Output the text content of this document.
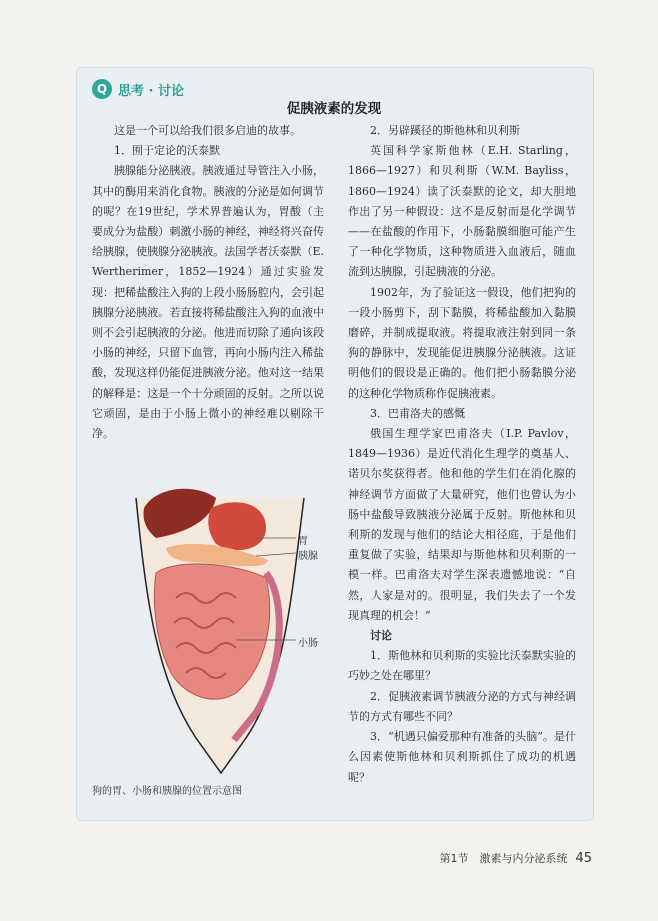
Q 思考 · 讨论
促胰液素的发现

这是一个可以给我们很多启迪的故事。

1．囿于定论的沃泰默

胰腺能分泌胰液。胰液通过导管注入小肠，其中的酶用来消化食物。胰液的分泌是如何调节的呢？在19世纪，学术界普遍认为，胃酸（主要成分为盐酸）刺激小肠的神经，神经将兴奋传给胰腺，使胰腺分泌胰液。法国学者沃泰默（E. Wertherimer，1852—1924）通过实验发现：把稀盐酸注入狗的上段小肠肠腔内，会引起胰腺分泌胰液。若直接将稀盐酸注入狗的血液中则不会引起胰液的分泌。他进而切除了通向该段小肠的神经，只留下血管，再向小肠内注入稀盐酸，发现这样仍能促进胰液分泌。他对这一结果的解释是：这是一个十分顽固的反射。之所以说它顽固，是由于小肠上微小的神经难以剔除干净。

2．另辟蹊径的斯他林和贝利斯

英国科学家斯他林（E.H. Starling，1866—1927）和贝利斯（W.M. Bayliss，1860—1924）读了沃泰默的论文，却大胆地作出了另一种假设：这不是反射而是化学调节——在盐酸的作用下，小肠黏膜细胞可能产生了一种化学物质，这种物质进入血液后，随血流到达胰腺，引起胰液的分泌。

1902年，为了验证这一假设，他们把狗的一段小肠剪下，刮下黏膜，将稀盐酸加入黏膜磨碎，并制成提取液。将提取液注射到同一条狗的静脉中，发现能促进胰腺分泌胰液。这证明他们的假设是正确的。他们把小肠黏膜分泌的这种化学物质称作促胰液素。

3．巴甫洛夫的感慨

俄国生理学家巴甫洛夫（I.P. Pavlov，1849—1936）是近代消化生理学的奠基人、诺贝尔奖获得者。他和他的学生们在消化腺的神经调节方面做了大量研究，他们也曾认为小肠中盐酸导致胰液分泌属于反射。斯他林和贝利斯的发现与他们的结论大相径庭，于是他们重复做了实验，结果却与斯他林和贝利斯的一模一样。巴甫洛夫对学生深表遗憾地说：“自然，人家是对的。很明显，我们失去了一个发现真理的机会！”

讨论

1．斯他林和贝利斯的实验比沃泰默实验的巧妙之处在哪里？

2．促胰液素调节胰液分泌的方式与神经调节的方式有哪些不同？

3．“机遇只偏爱那种有准备的头脑”。是什么因素使斯他林和贝利斯抓住了成功的机遇呢？

胃
胰腺
小肠
狗的胃、小肠和胰腺的位置示意图
第1节　激素与内分泌系统 45
